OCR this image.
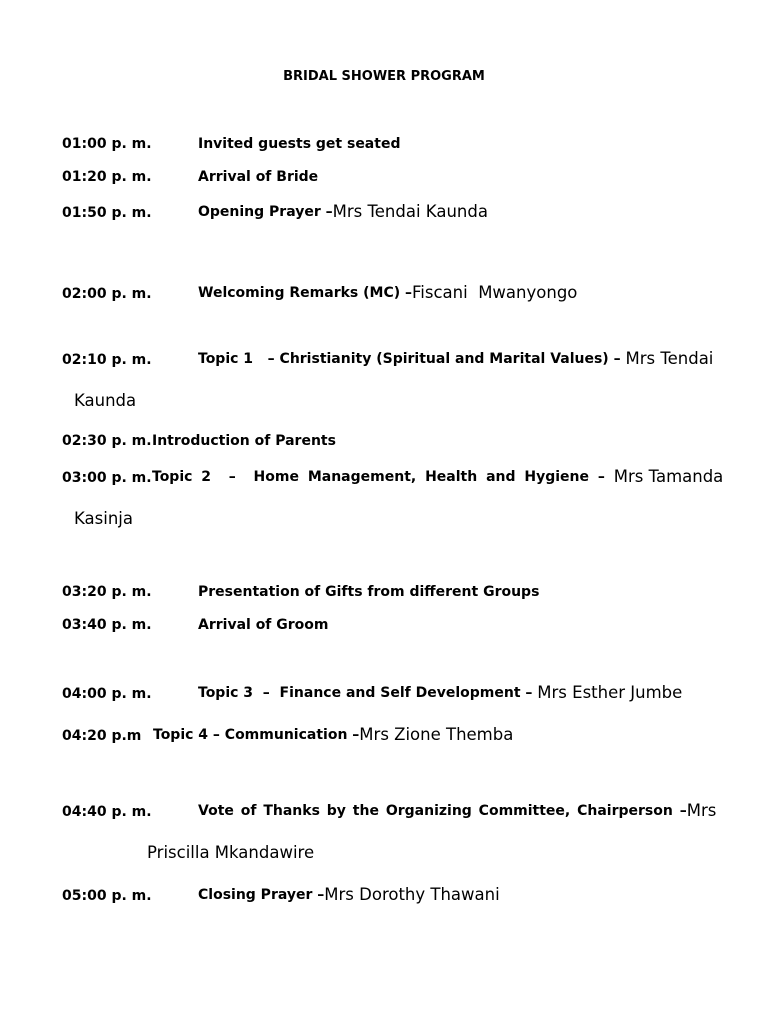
BRIDAL SHOWER PROGRAM
01:00 p. m.	Invited guests get seated
01:20 p. m.	Arrival of Bride
01:50 p. m.	Opening Prayer – Mrs Tendai Kaunda
02:00 p. m.	Welcoming Remarks (MC) – Fiscani  Mwanyongo
02:10 p. m.	Topic 1   – Christianity (Spiritual and Marital Values) – Mrs Tendai
Kaunda
02:30 p. m. Introduction of Parents
03:00 p. m. Topic 2  –  Home Management, Health and Hygiene – Mrs Tamanda
Kasinja
03:20 p. m.	Presentation of Gifts from different Groups
03:40 p. m.	Arrival of Groom
04:00 p. m.	Topic 3  –  Finance and Self Development – Mrs Esther Jumbe
04:20 p.m Topic 4 – Communication – Mrs Zione Themba
04:40 p. m.	Vote of Thanks by the Organizing Committee, Chairperson – Mrs
Priscilla Mkandawire
05:00 p. m.	Closing Prayer – Mrs Dorothy Thawani
